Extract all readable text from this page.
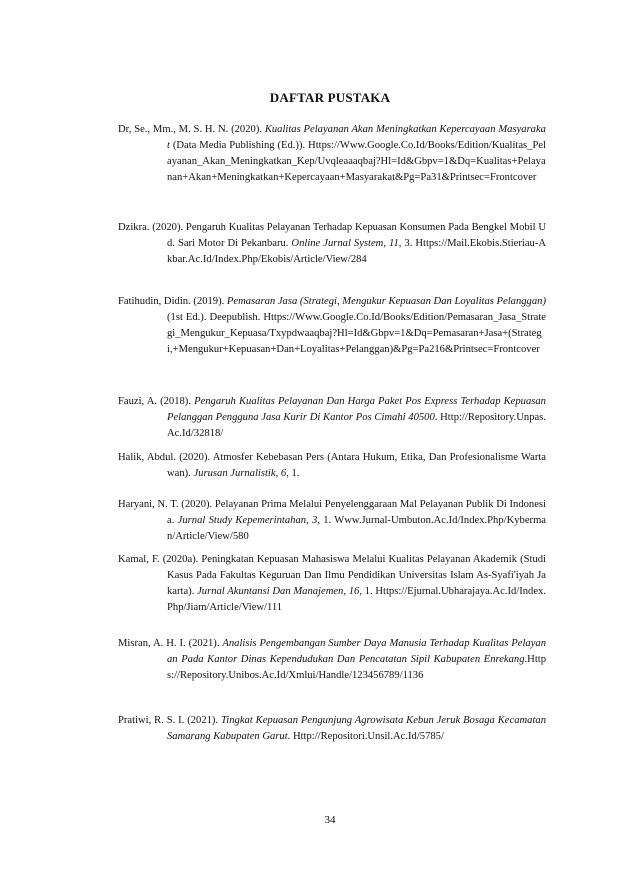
DAFTAR PUSTAKA

Dr, Se., Mm., M. S. H. N. (2020). Kualitas Pelayanan Akan Meningkatkan Kepercayaan Masyarakat (Data Media Publishing (Ed.)). Https://Www.Google.Co.Id/Books/Edition/Kualitas_Pelayanan_Akan_Meningkatkan_Kep/Uvqleaaaqbaj?Hl=Id&Gbpv=1&Dq=Kualitas+Pelayanan+Akan+Meningkatkan+Kepercayaan+Masyarakat&Pg=Pa31&Printsec=Frontcover

Dzikra. (2020). Pengaruh Kualitas Pelayanan Terhadap Kepuasan Konsumen Pada Bengkel Mobil Ud. Sari Motor Di Pekanbaru. Online Jurnal System, 11, 3. Https://Mail.Ekobis.Stieriau-Akbar.Ac.Id/Index.Php/Ekobis/Article/View/284

Fatihudin, Didin. (2019). Pemasaran Jasa (Strategi, Mengukur Kepuasan Dan Loyalitas Pelanggan) (1st Ed.). Deepublish. Https://Www.Google.Co.Id/Books/Edition/Pemasaran_Jasa_Strategi_Mengukur_Kepuasa/Txypdwaaqbaj?Hl=Id&Gbpv=1&Dq=Pemasaran+Jasa+(Strategi,+Mengukur+Kepuasan+Dan+Loyalitas+Pelanggan)&Pg=Pa216&Printsec=Frontcover

Fauzi, A. (2018). Pengaruh Kualitas Pelayanan Dan Harga Paket Pos Express Terhadap Kepuasan Pelanggan Pengguna Jasa Kurir Di Kantor Pos Cimahi 40500. Http://Repository.Unpas.Ac.Id/32818/

Halik, Abdul. (2020). Atmosfer Kebebasan Pers (Antara Hukum, Etika, Dan Profesionalisme Wartawan). Jurusan Jurnalistik, 6, 1.

Haryani, N. T. (2020). Pelayanan Prima Melalui Penyelenggaraan Mal Pelayanan Publik Di Indonesia. Jurnal Study Kepemerintahan, 3, 1. Www.Jurnal-Umbuton.Ac.Id/Index.Php/Kyberman/Article/View/580

Kamal, F. (2020a). Peningkatan Kepuasan Mahasiswa Melalui Kualitas Pelayanan Akademik (Studi Kasus Pada Fakultas Keguruan Dan Ilmu Pendidikan Universitas Islam As-Syafi'iyah Jakarta). Jurnal Akuntansi Dan Manajemen, 16, 1. Https://Ejurnal.Ubharajaya.Ac.Id/Index.Php/Jiam/Article/View/111

Misran, A. H. I. (2021). Analisis Pengembangan Sumber Daya Manusia Terhadap Kualitas Pelayanan Pada Kantor Dinas Kependudukan Dan Pencatatan Sipil Kabupaten Enrekang.Https://Repository.Unibos.Ac.Id/Xmlui/Handle/123456789/1136

Pratiwi, R. S. I. (2021). Tingkat Kepuasan Pengunjung Agrowisata Kebun Jeruk Bosaga Kecamatan Samarang Kabupaten Garut. Http://Repositori.Unsil.Ac.Id/5785/

34
